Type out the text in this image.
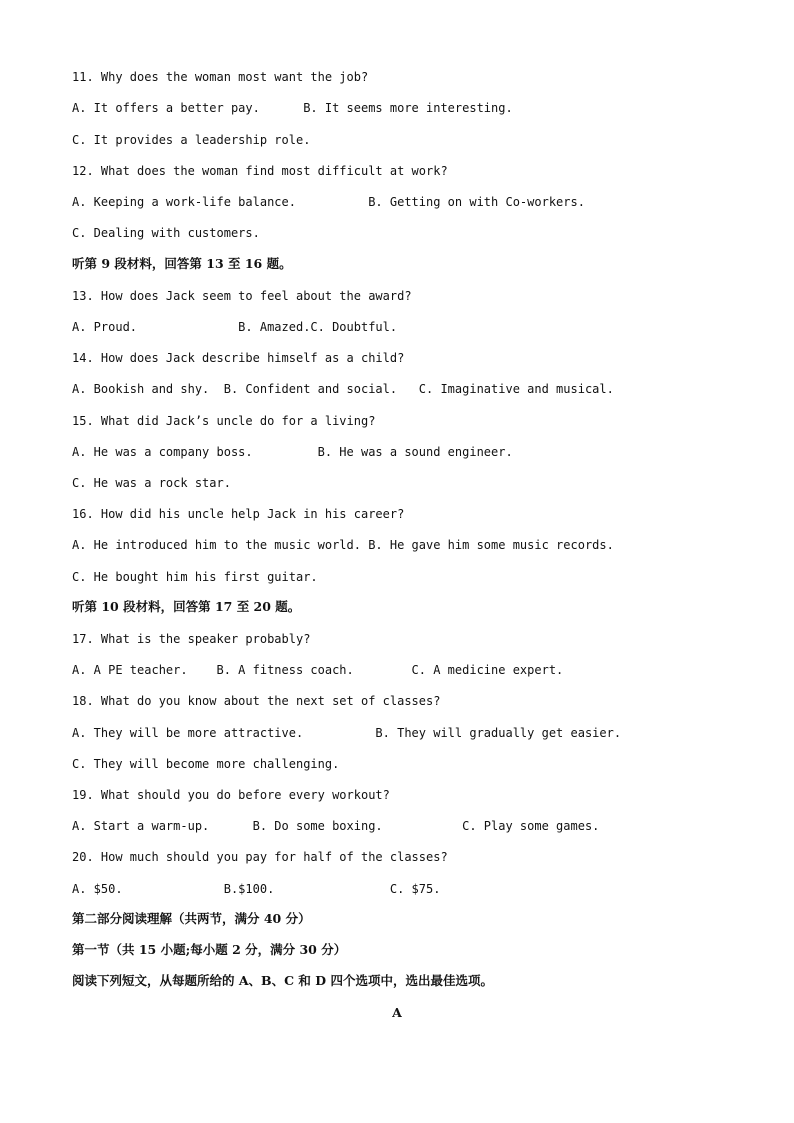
11. Why does the woman most want the job?
A. It offers a better pay.      B. It seems more interesting.
C. It provides a leadership role.
12. What does the woman find most difficult at work?
A. Keeping a work-life balance.          B. Getting on with Co-workers.
C. Dealing with customers.
听第 9 段材料，回答第 13 至 16 题。
13. How does Jack seem to feel about the award?
A. Proud.              B. Amazed.C. Doubtful.
14. How does Jack describe himself as a child?
A. Bookish and shy.  B. Confident and social.   C. Imaginative and musical.
15. What did Jack’s uncle do for a living?
A. He was a company boss.         B. He was a sound engineer.
C. He was a rock star.
16. How did his uncle help Jack in his career?
A. He introduced him to the music world. B. He gave him some music records.
C. He bought him his first guitar.
听第 10 段材料，回答第 17 至 20 题。
17. What is the speaker probably?
A. A PE teacher.    B. A fitness coach.        C. A medicine expert.
18. What do you know about the next set of classes?
A. They will be more attractive.          B. They will gradually get easier.
C. They will become more challenging.
19. What should you do before every workout?
A. Start a warm-up.      B. Do some boxing.           C. Play some games.
20. How much should you pay for half of the classes?
A. $50.              B.$100.                C. $75.
第二部分阅读理解（共两节，满分 40 分）
第一节（共 15 小题;每小题 2 分，满分 30 分）
阅读下列短文，从每题所给的 A、B、C 和 D 四个选项中，选出最佳选项。
A
